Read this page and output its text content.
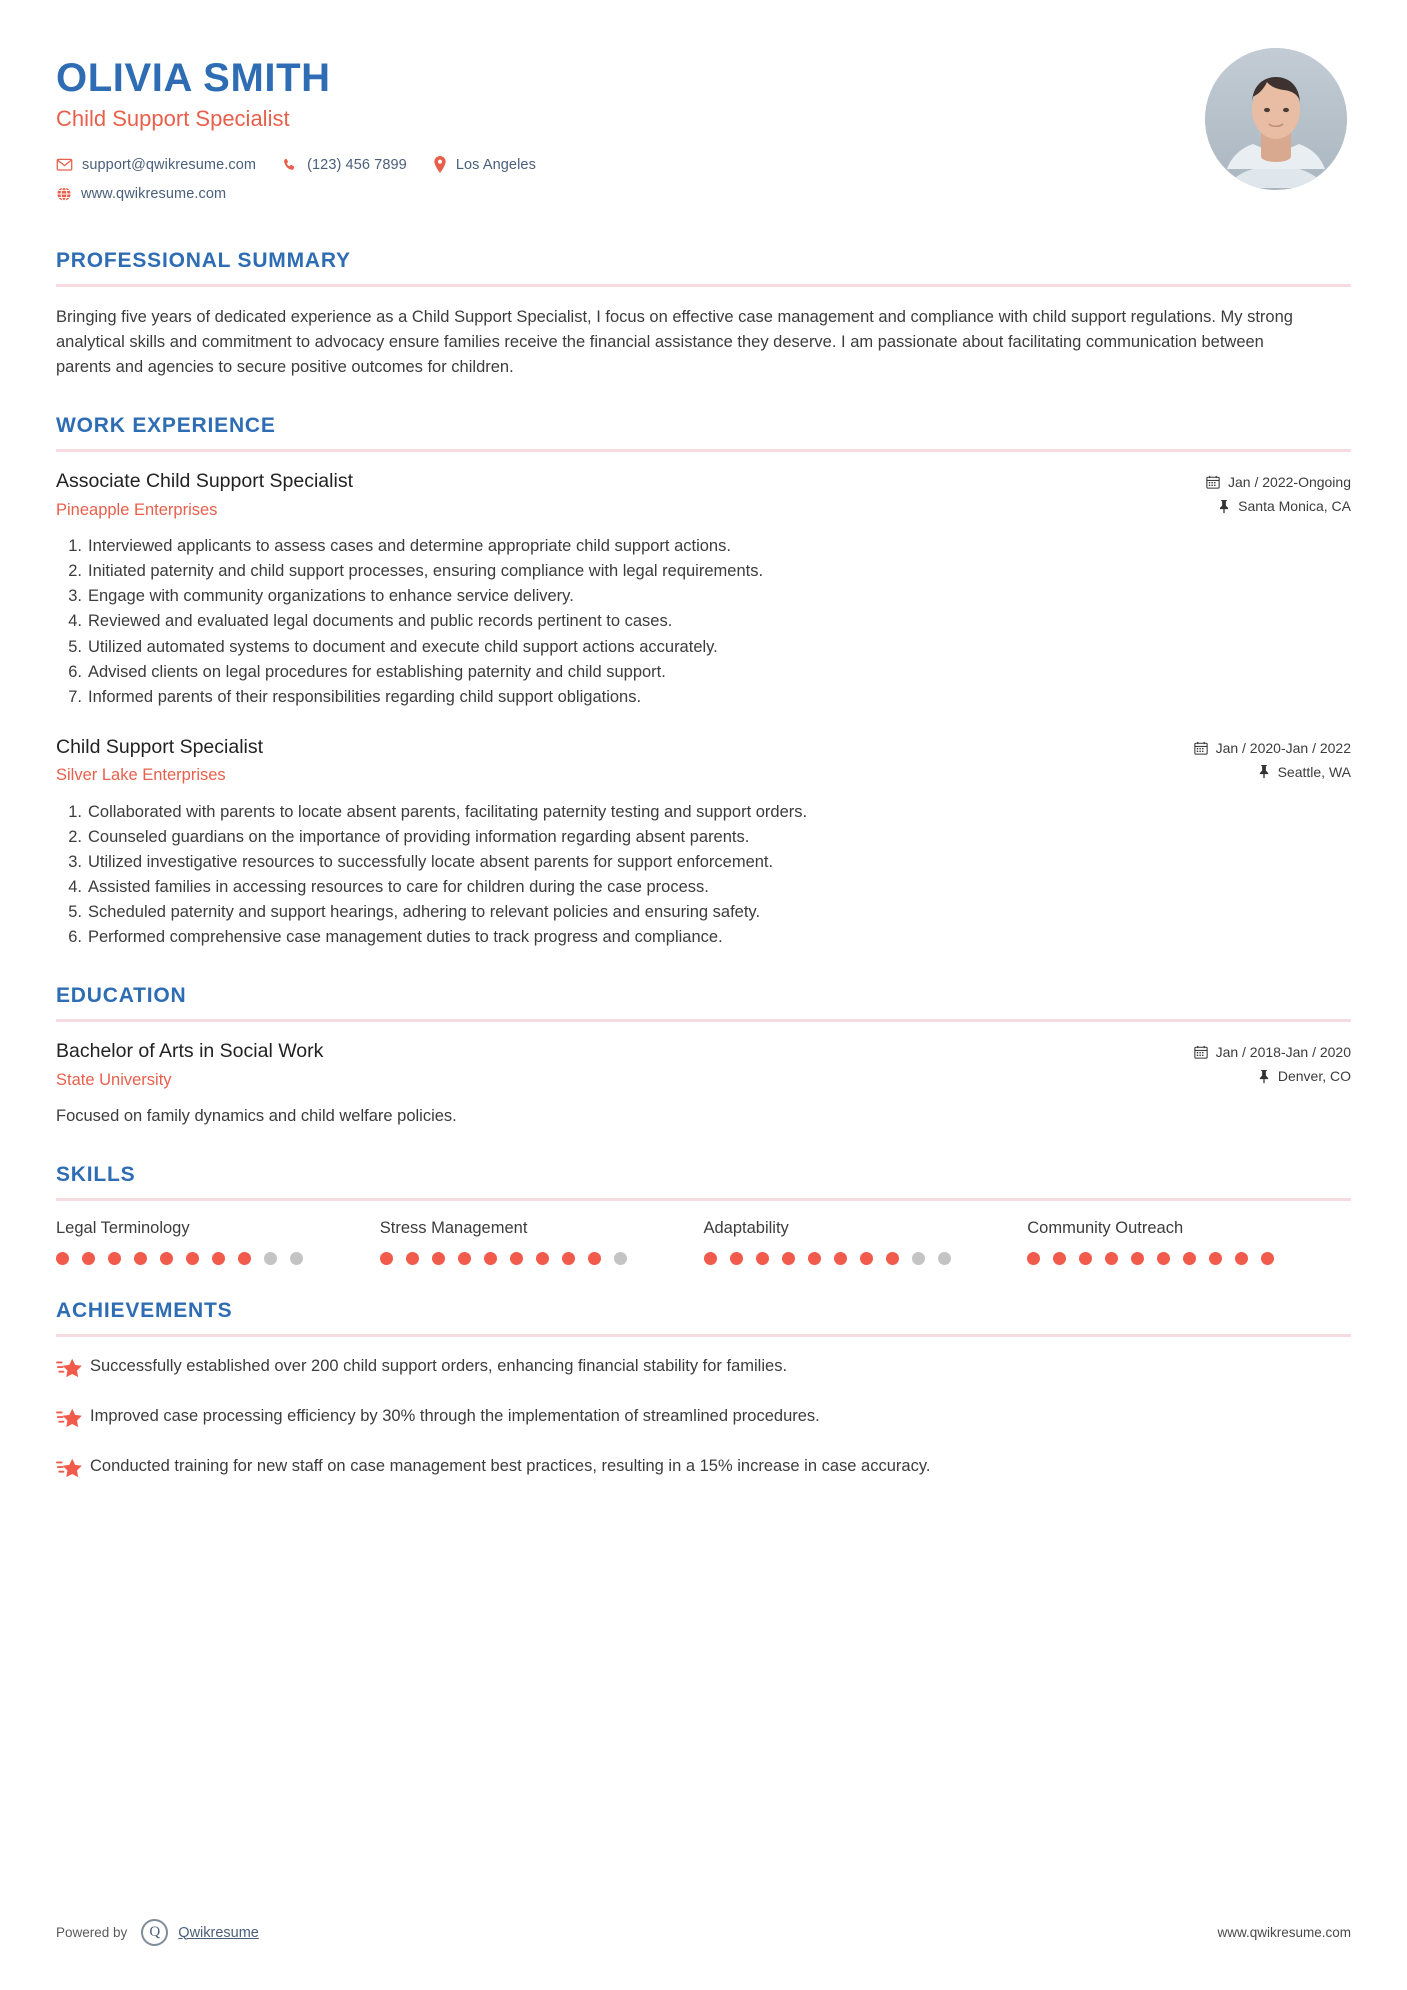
OLIVIA SMITH
Child Support Specialist
support@qwikresume.com	(123) 456 7899	Los Angeles
www.qwikresume.com
PROFESSIONAL SUMMARY
Bringing five years of dedicated experience as a Child Support Specialist, I focus on effective case management and compliance with child support regulations. My strong analytical skills and commitment to advocacy ensure families receive the financial assistance they deserve. I am passionate about facilitating communication between parents and agencies to secure positive outcomes for children.
WORK EXPERIENCE
Associate Child Support Specialist
Pineapple Enterprises
Jan / 2022-Ongoing
Santa Monica, CA
1. Interviewed applicants to assess cases and determine appropriate child support actions.
2. Initiated paternity and child support processes, ensuring compliance with legal requirements.
3. Engage with community organizations to enhance service delivery.
4. Reviewed and evaluated legal documents and public records pertinent to cases.
5. Utilized automated systems to document and execute child support actions accurately.
6. Advised clients on legal procedures for establishing paternity and child support.
7. Informed parents of their responsibilities regarding child support obligations.
Child Support Specialist
Silver Lake Enterprises
Jan / 2020-Jan / 2022
Seattle, WA
1. Collaborated with parents to locate absent parents, facilitating paternity testing and support orders.
2. Counseled guardians on the importance of providing information regarding absent parents.
3. Utilized investigative resources to successfully locate absent parents for support enforcement.
4. Assisted families in accessing resources to care for children during the case process.
5. Scheduled paternity and support hearings, adhering to relevant policies and ensuring safety.
6. Performed comprehensive case management duties to track progress and compliance.
EDUCATION
Bachelor of Arts in Social Work
State University
Jan / 2018-Jan / 2020
Denver, CO
Focused on family dynamics and child welfare policies.
SKILLS
Legal Terminology	Stress Management	Adaptability	Community Outreach
ACHIEVEMENTS
Successfully established over 200 child support orders, enhancing financial stability for families.
Improved case processing efficiency by 30% through the implementation of streamlined procedures.
Conducted training for new staff on case management best practices, resulting in a 15% increase in case accuracy.
Powered by	Q	Qwikresume	www.qwikresume.com
